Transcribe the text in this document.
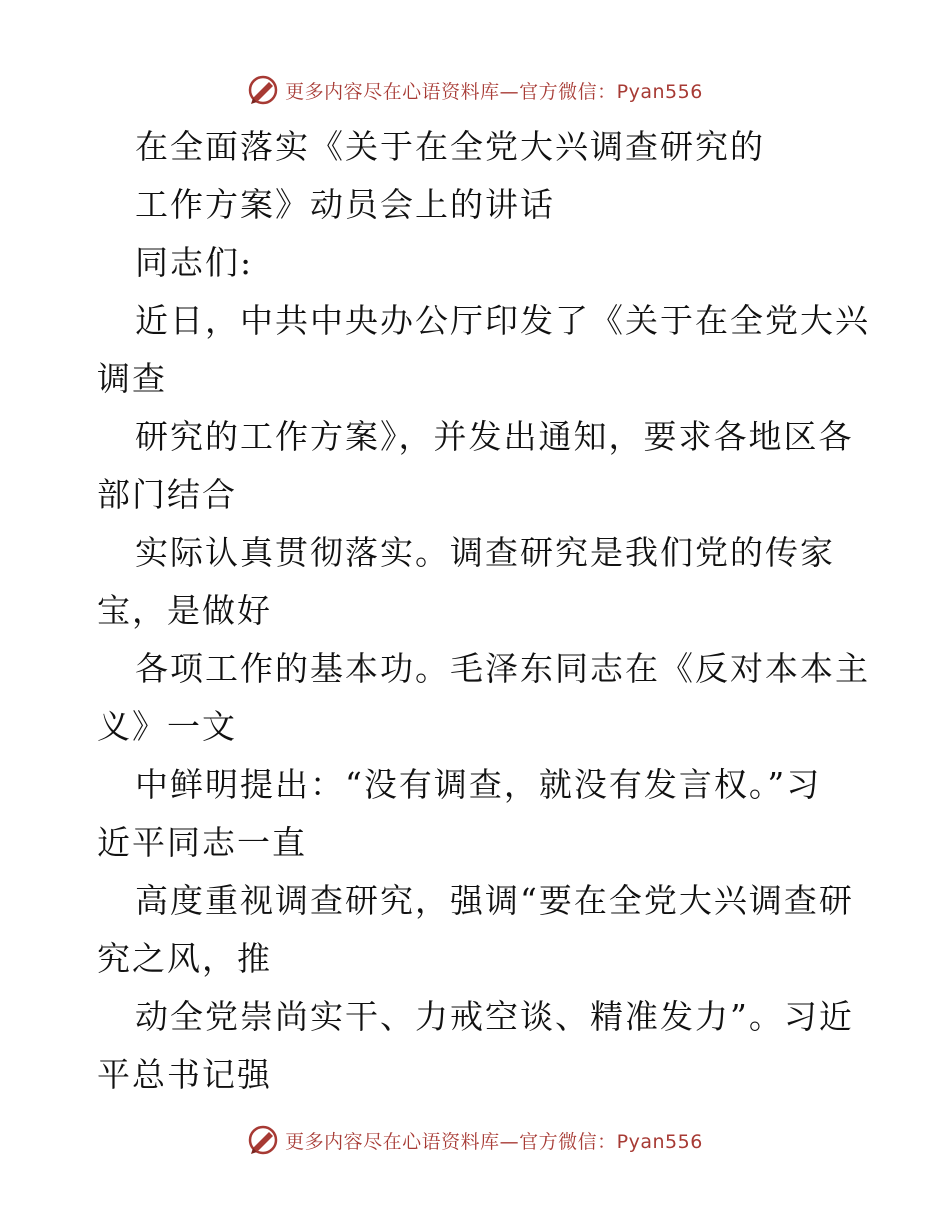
更多内容尽在心语资料库—官方微信：Pyan556
在全面落实《关于在全党大兴调查研究的
工作方案》动员会上的讲话
同志们:
近日，中共中央办公厅印发了《关于在全党大兴
调查
研究的工作方案》，并发出通知，要求各地区各
部门结合
实际认真贯彻落实。调查研究是我们党的传家
宝，是做好
各项工作的基本功。毛泽东同志在《反对本本主
义》一文
中鲜明提出：“没有调查，就没有发言权。”习
近平同志一直
高度重视调查研究，强调“要在全党大兴调查研
究之风，推
动全党崇尚实干、力戒空谈、精准发力”。习近
平总书记强
更多内容尽在心语资料库—官方微信：Pyan556
